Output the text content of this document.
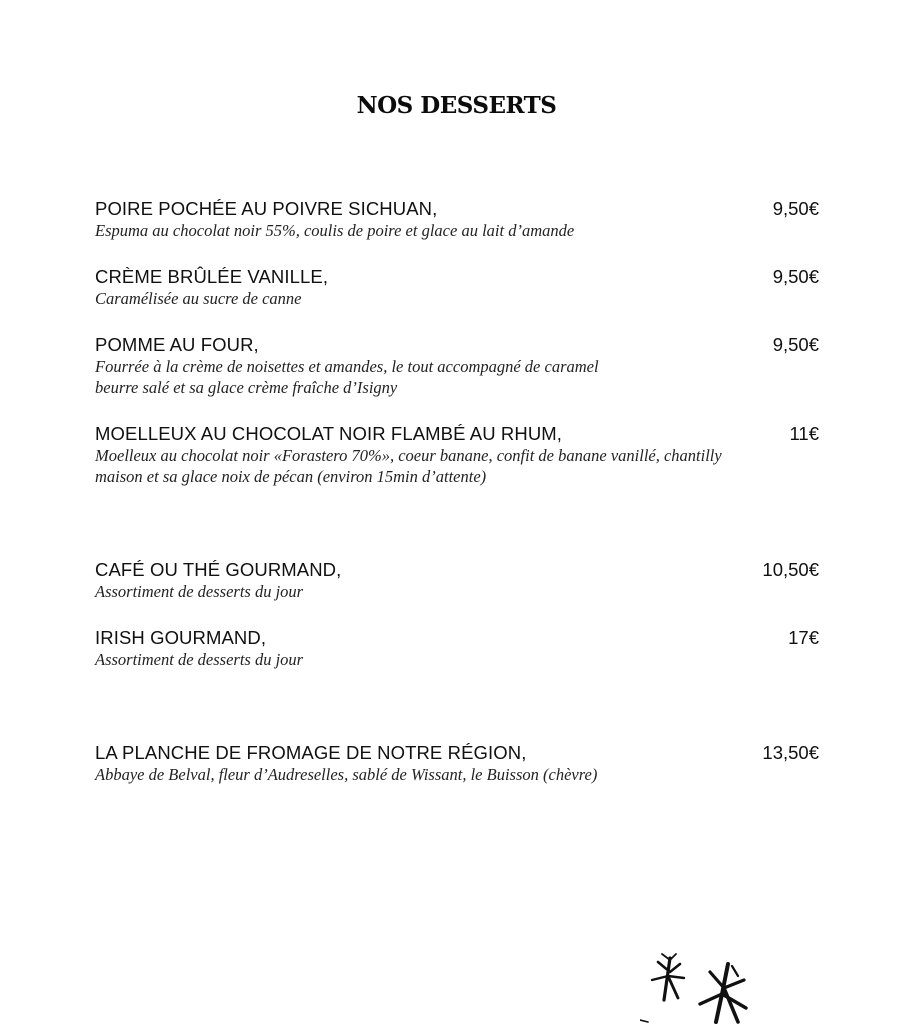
NOS DESSERTS
POIRE POCHÉE AU POIVRE SICHUAN,	9,50€
Espuma au chocolat noir 55%, coulis de poire et glace au lait d’amande
CRÈME BRÛLÉE VANILLE,	9,50€
Caramélisée au sucre de canne
POMME AU FOUR,	9,50€
Fourrée à la crème de noisettes et amandes, le tout accompagné de caramel
beurre salé et sa glace crème fraîche d’Isigny
MOELLEUX AU CHOCOLAT NOIR FLAMBÉ AU RHUM,	11€
Moelleux au chocolat noir «Forastero 70%», coeur banane, confit de banane vanillé, chantilly
maison et sa glace noix de pécan (environ 15min d’attente)
CAFÉ OU THÉ GOURMAND,	10,50€
Assortiment de desserts du jour
IRISH GOURMAND,	17€
Assortiment de desserts du jour
LA PLANCHE DE FROMAGE DE NOTRE RÉGION,	13,50€
Abbaye de Belval, fleur d’Audreselles, sablé de Wissant, le Buisson (chèvre)
